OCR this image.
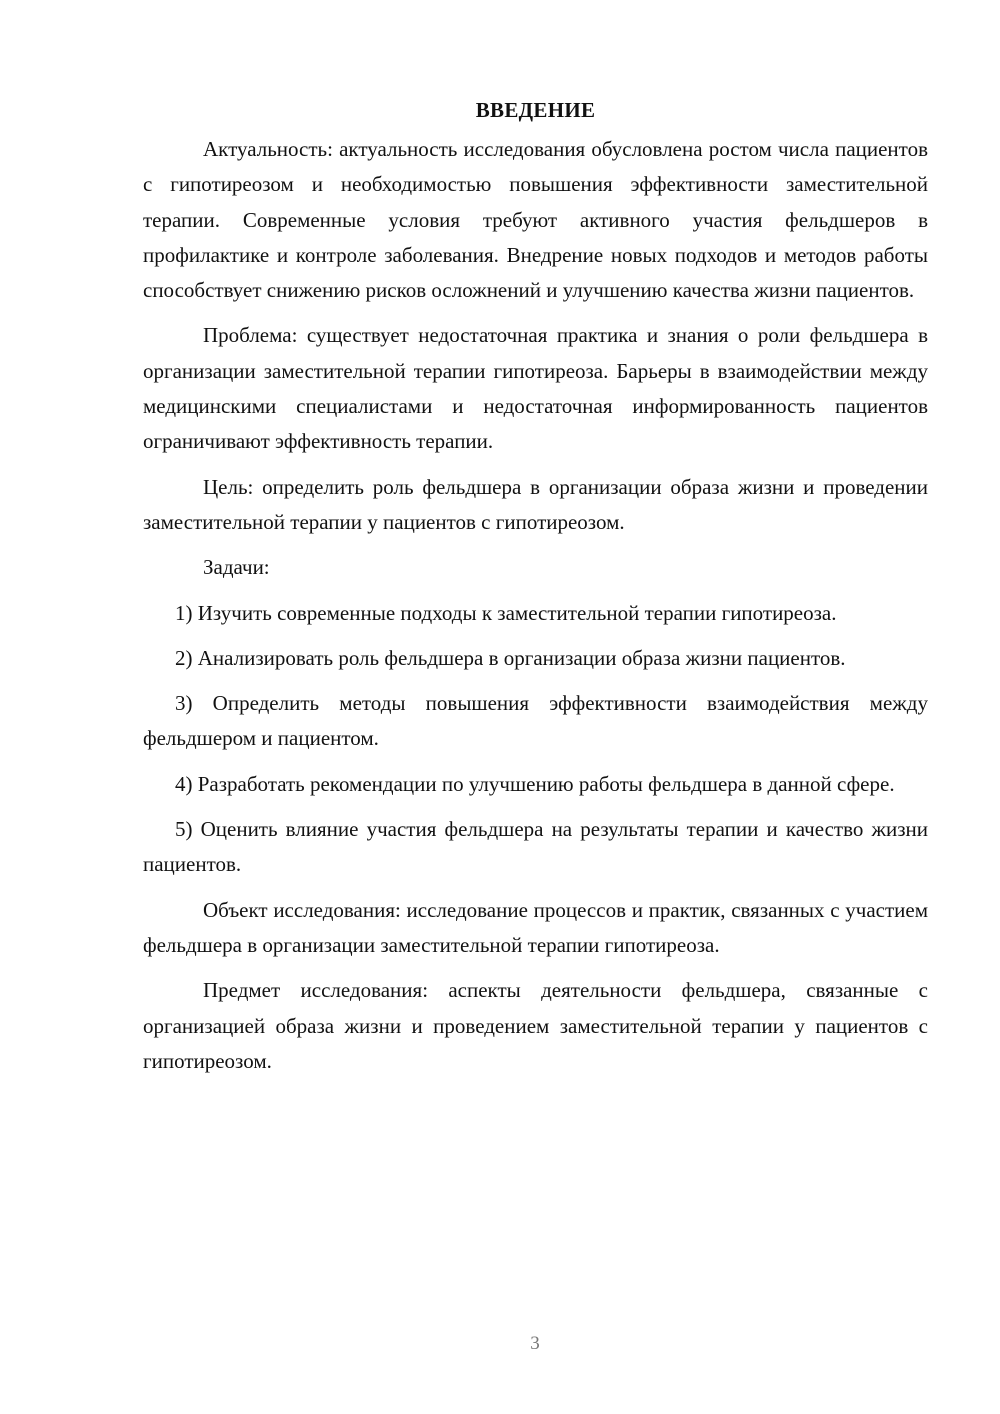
ВВЕДЕНИЕ

Актуальность: актуальность исследования обусловлена ростом числа пациентов с гипотиреозом и необходимостью повышения эффективности заместительной терапии. Современные условия требуют активного участия фельдшеров в профилактике и контроле заболевания. Внедрение новых подходов и методов работы способствует снижению рисков осложнений и улучшению качества жизни пациентов.

Проблема: существует недостаточная практика и знания о роли фельдшера в организации заместительной терапии гипотиреоза. Барьеры в взаимодействии между медицинскими специалистами и недостаточная информированность пациентов ограничивают эффективность терапии.

Цель: определить роль фельдшера в организации образа жизни и проведении заместительной терапии у пациентов с гипотиреозом.

Задачи:

1) Изучить современные подходы к заместительной терапии гипотиреоза.

2) Анализировать роль фельдшера в организации образа жизни пациентов.

3) Определить методы повышения эффективности взаимодействия между фельдшером и пациентом.

4) Разработать рекомендации по улучшению работы фельдшера в данной сфере.

5) Оценить влияние участия фельдшера на результаты терапии и качество жизни пациентов.

Объект исследования: исследование процессов и практик, связанных с участием фельдшера в организации заместительной терапии гипотиреоза.

Предмет исследования: аспекты деятельности фельдшера, связанные с организацией образа жизни и проведением заместительной терапии у пациентов с гипотиреозом.

3
